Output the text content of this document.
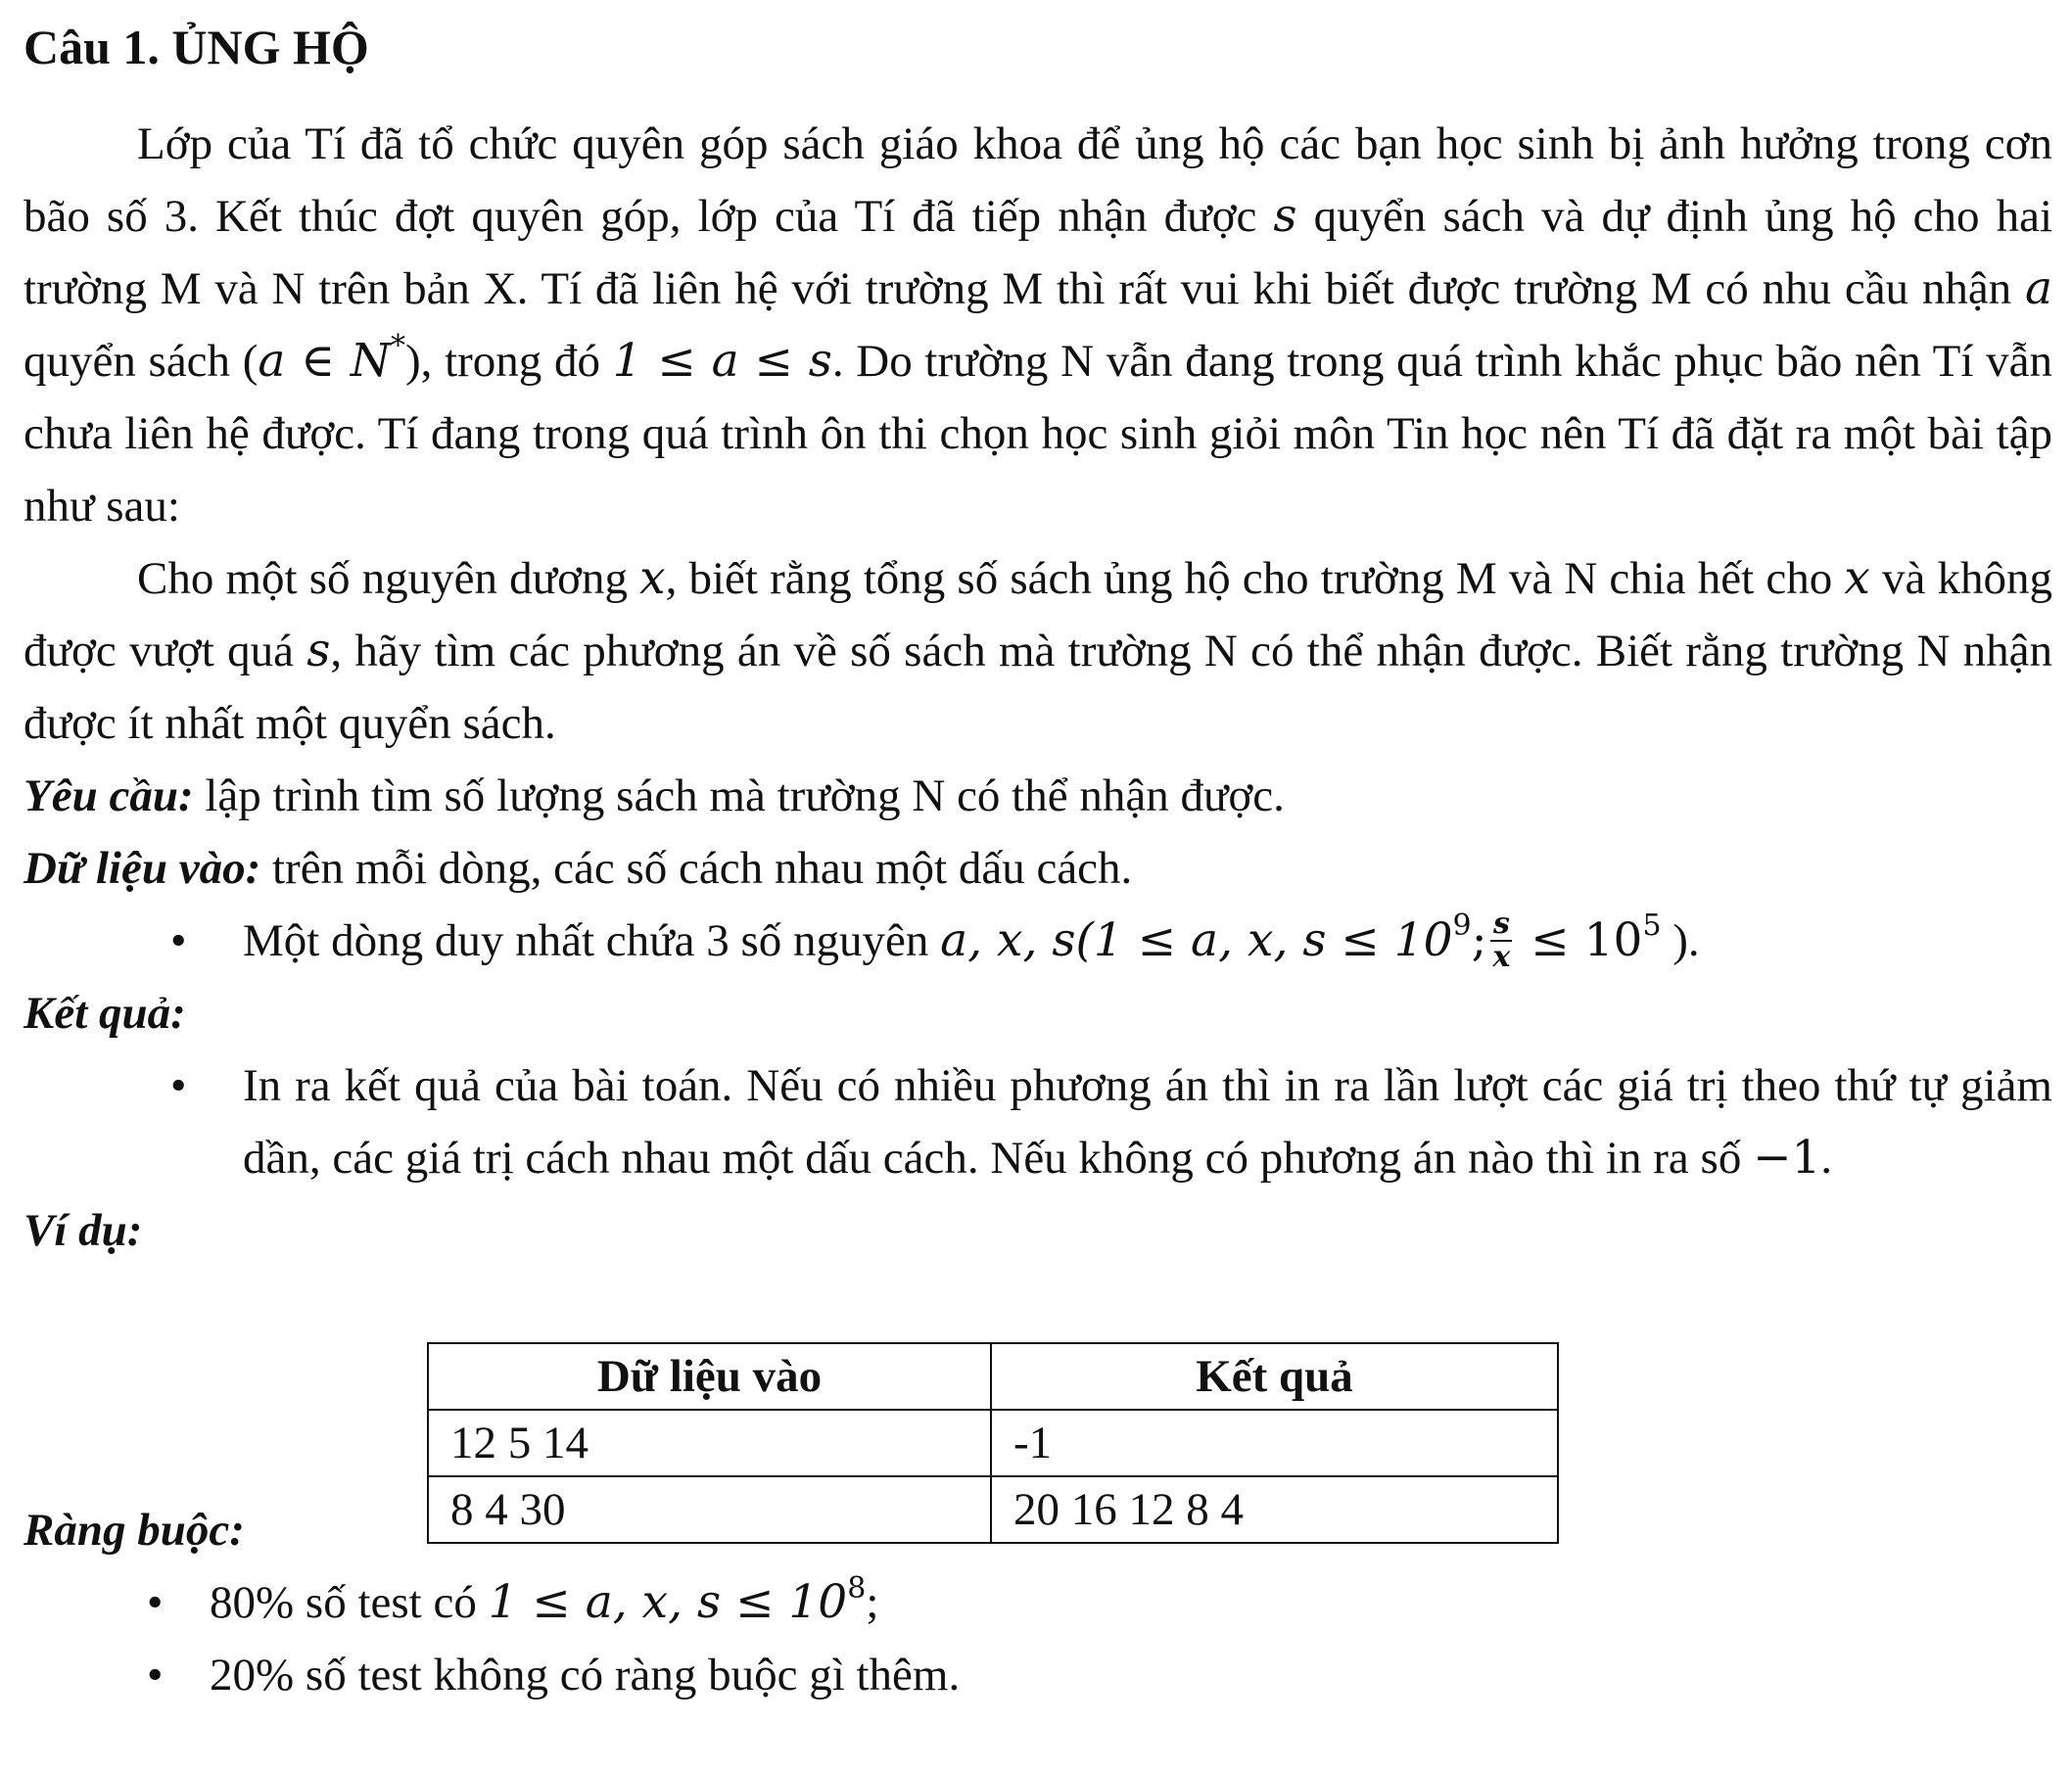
Câu 1. ỦNG HỘ

Lớp của Tí đã tổ chức quyên góp sách giáo khoa để ủng hộ các bạn học sinh bị ảnh hưởng trong cơn bão số 3. Kết thúc đợt quyên góp, lớp của Tí đã tiếp nhận được s quyển sách và dự định ủng hộ cho hai trường M và N trên bản X. Tí đã liên hệ với trường M thì rất vui khi biết được trường M có nhu cầu nhận a quyển sách (a ∈ N*), trong đó 1 ≤ a ≤ s. Do trường N vẫn đang trong quá trình khắc phục bão nên Tí vẫn chưa liên hệ được. Tí đang trong quá trình ôn thi chọn học sinh giỏi môn Tin học nên Tí đã đặt ra một bài tập như sau:

Cho một số nguyên dương x, biết rằng tổng số sách ủng hộ cho trường M và N chia hết cho x và không được vượt quá s, hãy tìm các phương án về số sách mà trường N có thể nhận được. Biết rằng trường N nhận được ít nhất một quyển sách.

Yêu cầu: lập trình tìm số lượng sách mà trường N có thể nhận được.

Dữ liệu vào: trên mỗi dòng, các số cách nhau một dấu cách.

• Một dòng duy nhất chứa 3 số nguyên a, x, s(1 ≤ a, x, $s \le 10^9$; $\frac{s}{x} \le 10^5$ ).

Kết quả:

• In ra kết quả của bài toán. Nếu có nhiều phương án thì in ra lần lượt các giá trị theo thứ tự giảm dần, các giá trị cách nhau một dấu cách. Nếu không có phương án nào thì in ra số −1.

Ví dụ:

Ràng buộc:

• 80% số test có 1 ≤ a, x, $s \le 10^8$;
• 20% số test không có ràng buộc gì thêm.
Dữ liệu vào	Kết quả
12 5 14	-1
8 4 30	20 16 12 8 4
